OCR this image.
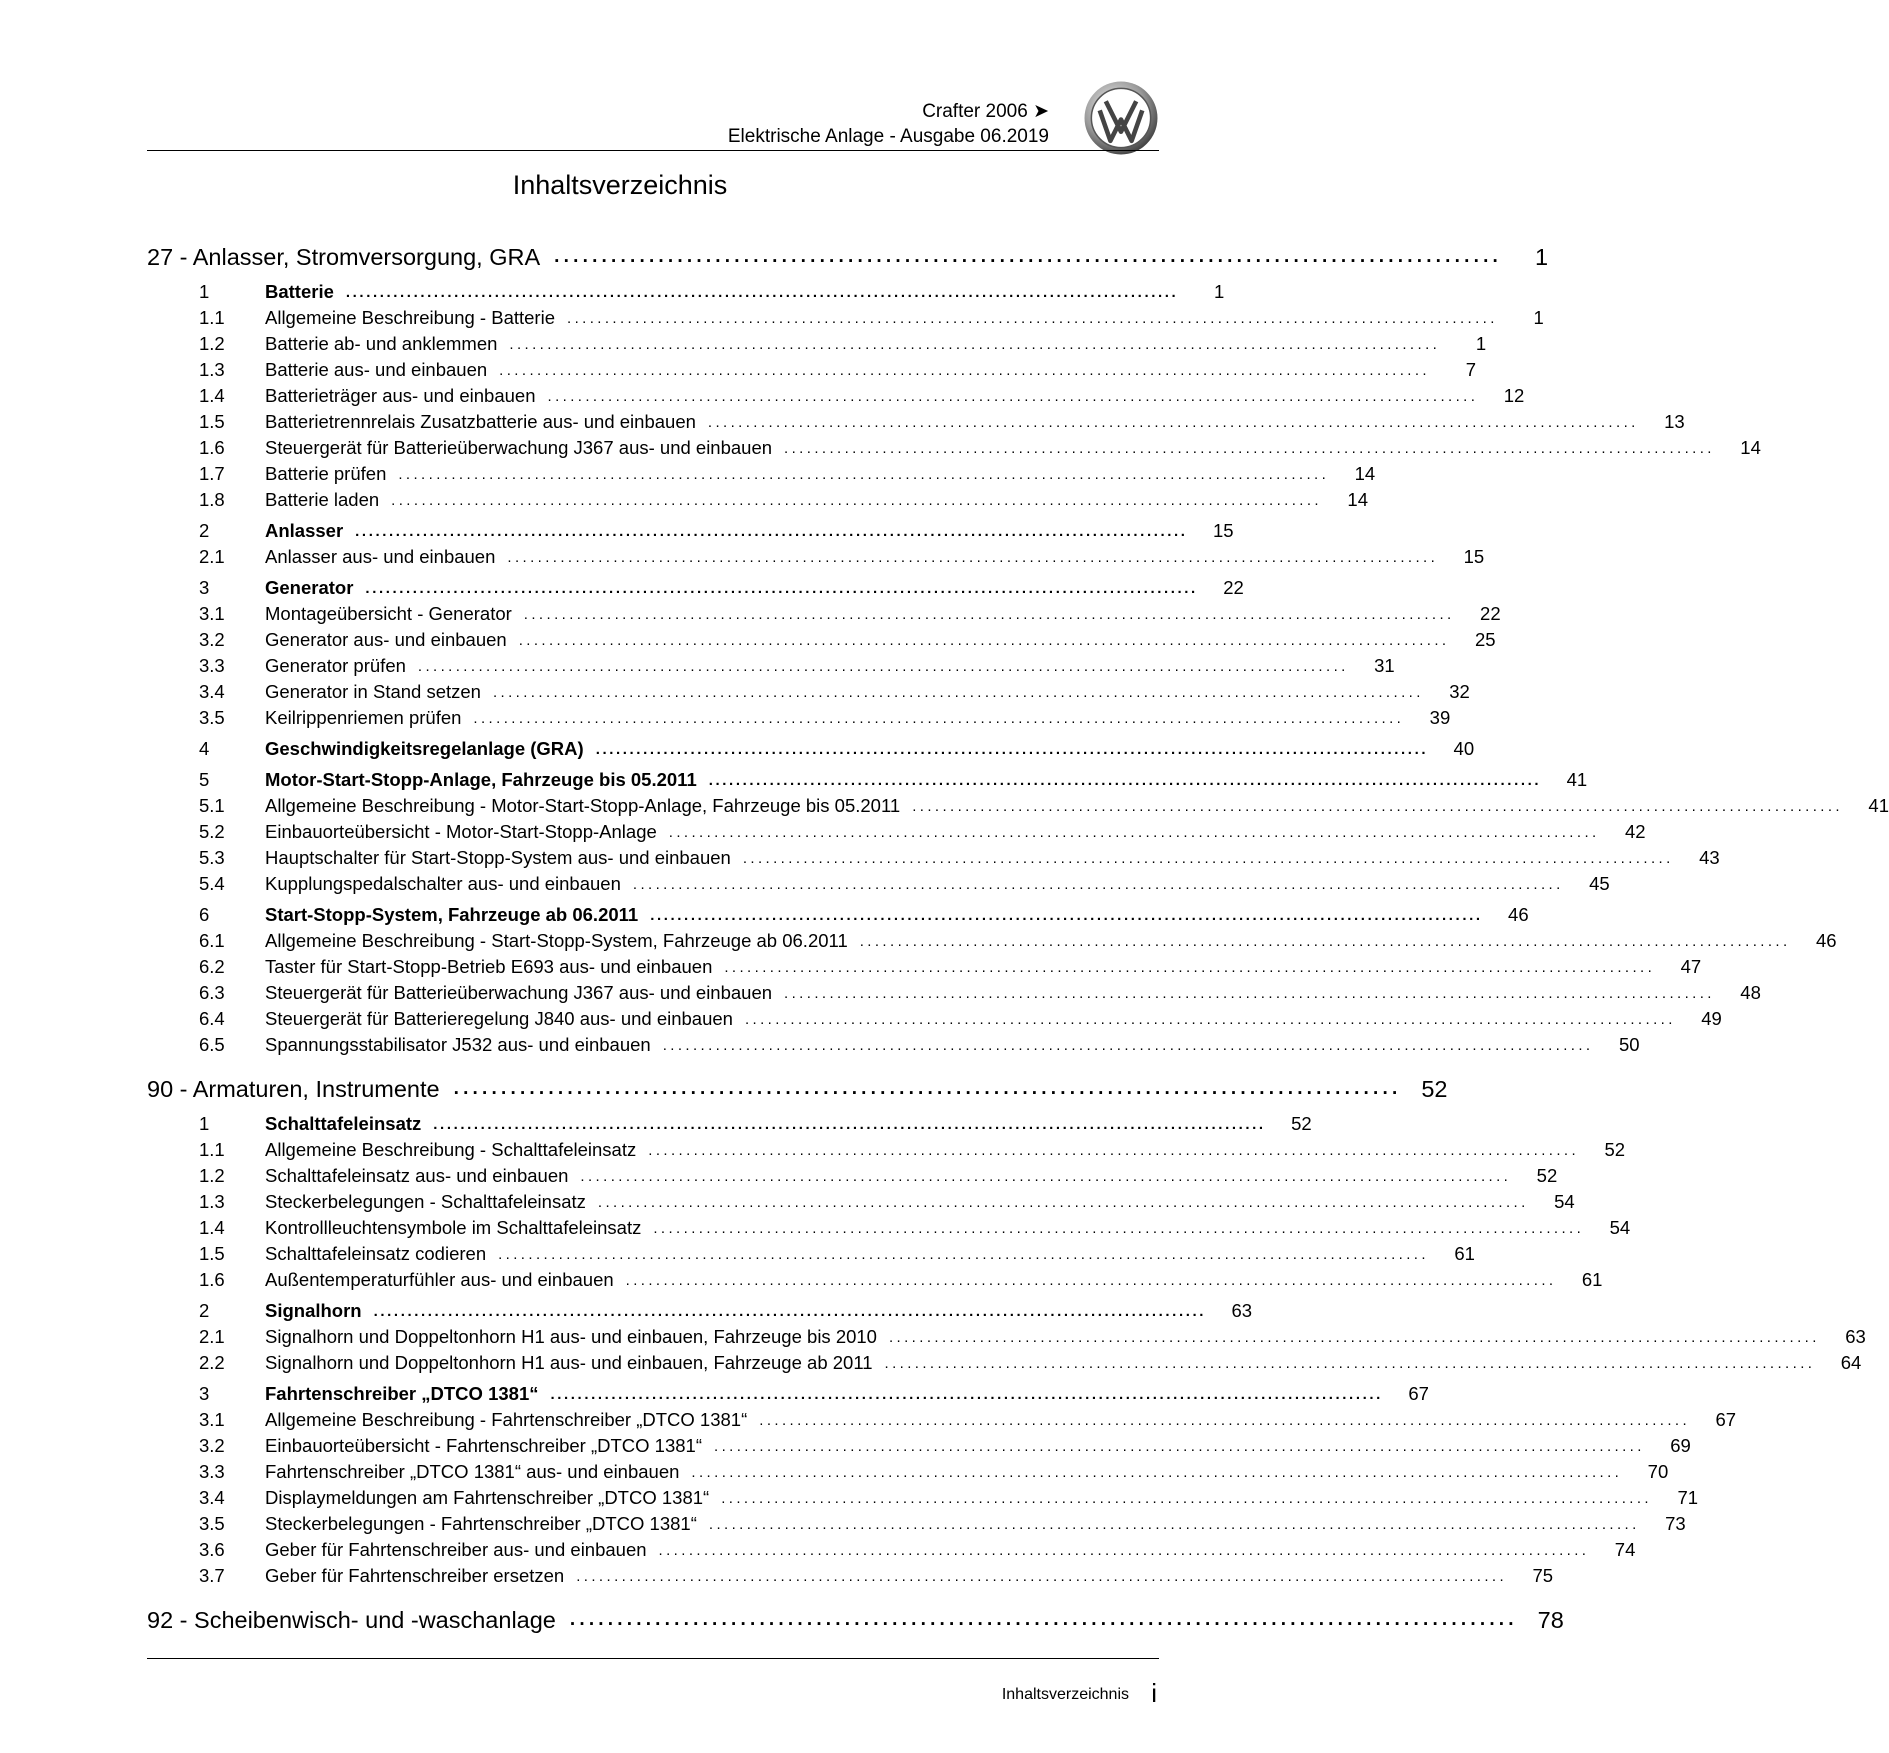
Crafter 2006 ➤
Elektrische Anlage - Ausgabe 06.2019
Inhaltsverzeichnis
27 - Anlasser, Stromversorgung, GRA ....................................................................................................	1
1	Batterie ...........................................................................................................................	1
1.1	Allgemeine Beschreibung - Batterie ...........................................................................................................................	1
1.2	Batterie ab- und anklemmen ...........................................................................................................................	1
1.3	Batterie aus- und einbauen ...........................................................................................................................	7
1.4	Batterieträger aus- und einbauen ...........................................................................................................................	12
1.5	Batterietrennrelais Zusatzbatterie aus- und einbauen ...........................................................................................................................	13
1.6	Steuergerät für Batterieüberwachung J367 aus- und einbauen ...........................................................................................................................	14
1.7	Batterie prüfen ...........................................................................................................................	14
1.8	Batterie laden ...........................................................................................................................	14
2	Anlasser ...........................................................................................................................	15
2.1	Anlasser aus- und einbauen ...........................................................................................................................	15
3	Generator ...........................................................................................................................	22
3.1	Montageübersicht - Generator ...........................................................................................................................	22
3.2	Generator aus- und einbauen ...........................................................................................................................	25
3.3	Generator prüfen ...........................................................................................................................	31
3.4	Generator in Stand setzen ...........................................................................................................................	32
3.5	Keilrippenriemen prüfen ...........................................................................................................................	39
4	Geschwindigkeitsregelanlage (GRA) ...........................................................................................................................	40
5	Motor-Start-Stopp-Anlage, Fahrzeuge bis 05.2011 ...........................................................................................................................	41
5.1	Allgemeine Beschreibung - Motor-Start-Stopp-Anlage, Fahrzeuge bis 05.2011 ...........................................................................................................................	41
5.2	Einbauorteübersicht - Motor-Start-Stopp-Anlage ...........................................................................................................................	42
5.3	Hauptschalter für Start-Stopp-System aus- und einbauen ...........................................................................................................................	43
5.4	Kupplungspedalschalter aus- und einbauen ...........................................................................................................................	45
6	Start-Stopp-System, Fahrzeuge ab 06.2011 ...........................................................................................................................	46
6.1	Allgemeine Beschreibung - Start-Stopp-System, Fahrzeuge ab 06.2011 ...........................................................................................................................	46
6.2	Taster für Start-Stopp-Betrieb E693 aus- und einbauen ...........................................................................................................................	47
6.3	Steuergerät für Batterieüberwachung J367 aus- und einbauen ...........................................................................................................................	48
6.4	Steuergerät für Batterieregelung J840 aus- und einbauen ...........................................................................................................................	49
6.5	Spannungsstabilisator J532 aus- und einbauen ...........................................................................................................................	50
90 - Armaturen, Instrumente .................................................................................................... 52
1	Schalttafeleinsatz ...........................................................................................................................	52
1.1	Allgemeine Beschreibung - Schalttafeleinsatz ...........................................................................................................................	52
1.2	Schalttafeleinsatz aus- und einbauen ...........................................................................................................................	52
1.3	Steckerbelegungen - Schalttafeleinsatz ...........................................................................................................................	54
1.4	Kontrollleuchtensymbole im Schalttafeleinsatz ...........................................................................................................................	54
1.5	Schalttafeleinsatz codieren ...........................................................................................................................	61
1.6	Außentemperaturfühler aus- und einbauen ...........................................................................................................................	61
2	Signalhorn ...........................................................................................................................	63
2.1	Signalhorn und Doppeltonhorn H1 aus- und einbauen, Fahrzeuge bis 2010 ...........................................................................................................................	63
2.2	Signalhorn und Doppeltonhorn H1 aus- und einbauen, Fahrzeuge ab 2011 ...........................................................................................................................	64
3	Fahrtenschreiber „DTCO 1381“ ...........................................................................................................................	67
3.1	Allgemeine Beschreibung - Fahrtenschreiber „DTCO 1381“ ...........................................................................................................................	67
3.2	Einbauorteübersicht - Fahrtenschreiber „DTCO 1381“ ...........................................................................................................................	69
3.3	Fahrtenschreiber „DTCO 1381“ aus- und einbauen ...........................................................................................................................	70
3.4	Displaymeldungen am Fahrtenschreiber „DTCO 1381“ ...........................................................................................................................	71
3.5	Steckerbelegungen - Fahrtenschreiber „DTCO 1381“ ...........................................................................................................................	73
3.6	Geber für Fahrtenschreiber aus- und einbauen ...........................................................................................................................	74
3.7	Geber für Fahrtenschreiber ersetzen ...........................................................................................................................	75
92 - Scheibenwisch- und -waschanlage .................................................................................................... 78
Inhaltsverzeichnis i
